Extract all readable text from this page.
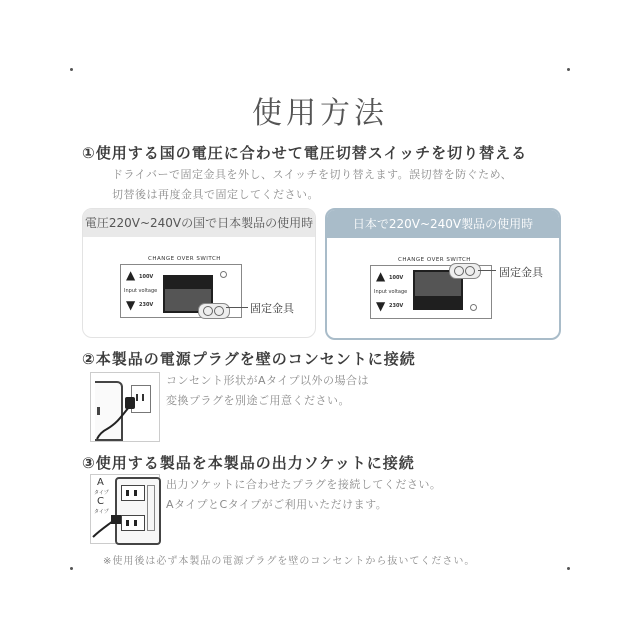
使用方法
①使用する国の電圧に合わせて電圧切替スイッチを切り替える
ドライバーで固定金具を外し、スイッチを切り替えます。誤切替を防ぐため、
切替後は再度金具で固定してください。
電圧220V~240Vの国で日本製品の使用時
CHANGE OVER SWITCH
▲ 100V
Input voltage
▼ 230V	固定金具
日本で220V~240V製品の使用時
CHANGE OVER SWITCH
▲ 100V
Input voltage
▼ 230V
固定金具
②本製品の電源プラグを壁のコンセントに接続
コンセント形状がAタイプ以外の場合は
変換プラグを別途ご用意ください。
③使用する製品を本製品の出力ソケットに接続
A
タイプ
C
タイプ
出力ソケットに合わせたプラグを接続してください。
AタイプとCタイプがご利用いただけます。
※使用後は必ず本製品の電源プラグを壁のコンセントから抜いてください。
